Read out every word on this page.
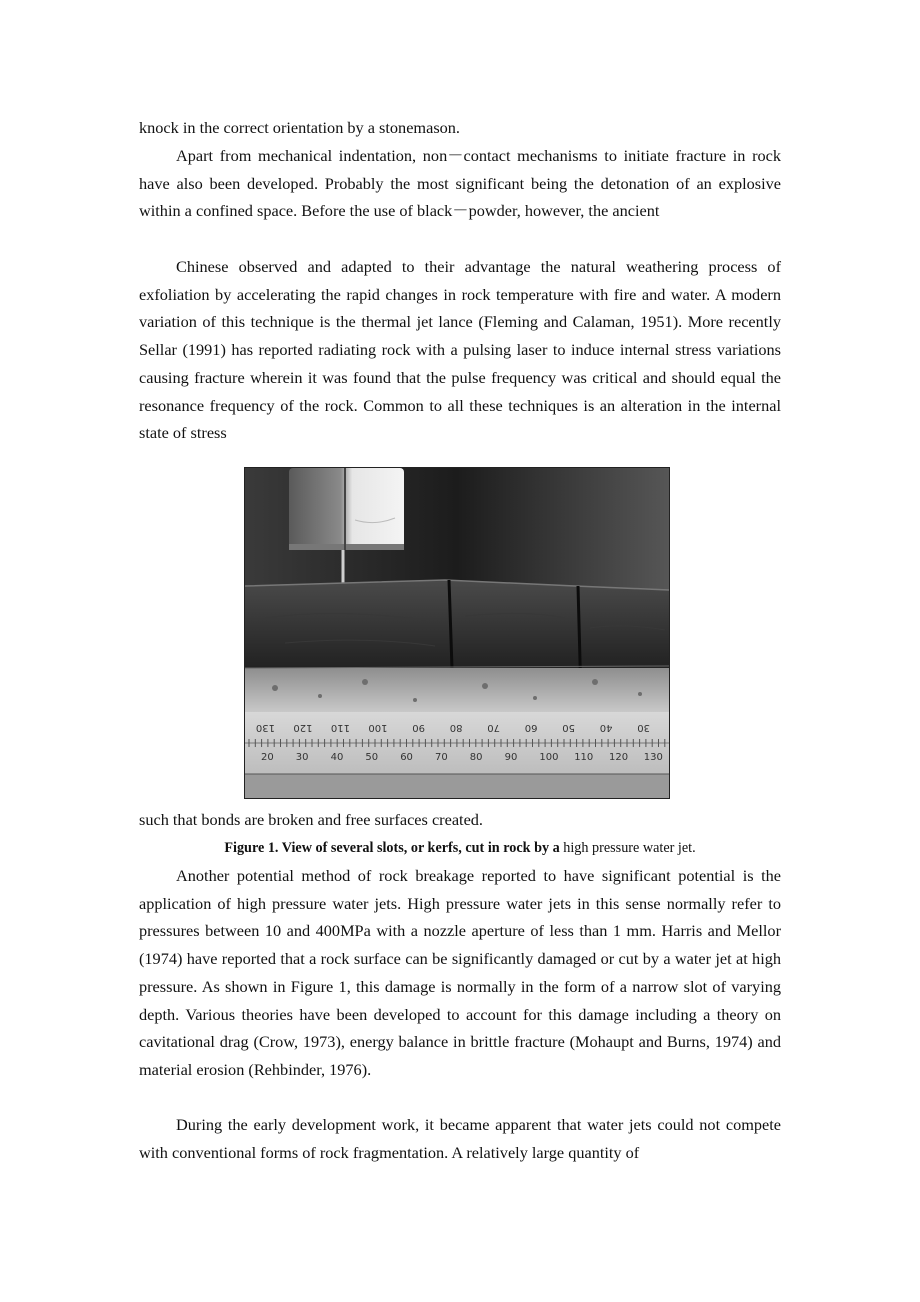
knock in the correct orientation by a stonemason.

Apart from mechanical indentation, non－contact mechanisms to initiate fracture in rock have also been developed. Probably the most significant being the detonation of an explosive within a confined space. Before the use of black－powder, however, the ancient

Chinese observed and adapted to their advantage the natural weathering process of exfoliation by accelerating the rapid changes in rock temperature with fire and water. A modern variation of this technique is the thermal jet lance (Fleming and Calaman, 1951). More recently Sellar (1991) has reported radiating rock with a pulsing laser to induce internal stress variations causing fracture wherein it was found that the pulse frequency was critical and should equal the resonance frequency of the rock. Common to all these techniques is an alteration in the internal state of stress

130 120 110 100 90 80 70 60 50 40 30
20 30 40 50 60 70 80 90 100 110 120 130

such that bonds are broken and free surfaces created.

Figure 1. View of several slots, or kerfs, cut in rock by a high pressure water jet.

Another potential method of rock breakage reported to have significant potential is the application of high pressure water jets. High pressure water jets in this sense normally refer to pressures between 10 and 400MPa with a nozzle aperture of less than 1 mm. Harris and Mellor (1974) have reported that a rock surface can be significantly damaged or cut by a water jet at high pressure. As shown in Figure 1, this damage is normally in the form of a narrow slot of varying depth. Various theories have been developed to account for this damage including a theory on cavitational drag (Crow, 1973), energy balance in brittle fracture (Mohaupt and Burns, 1974) and material erosion (Rehbinder, 1976).

During the early development work, it became apparent that water jets could not compete with conventional forms of rock fragmentation. A relatively large quantity of
